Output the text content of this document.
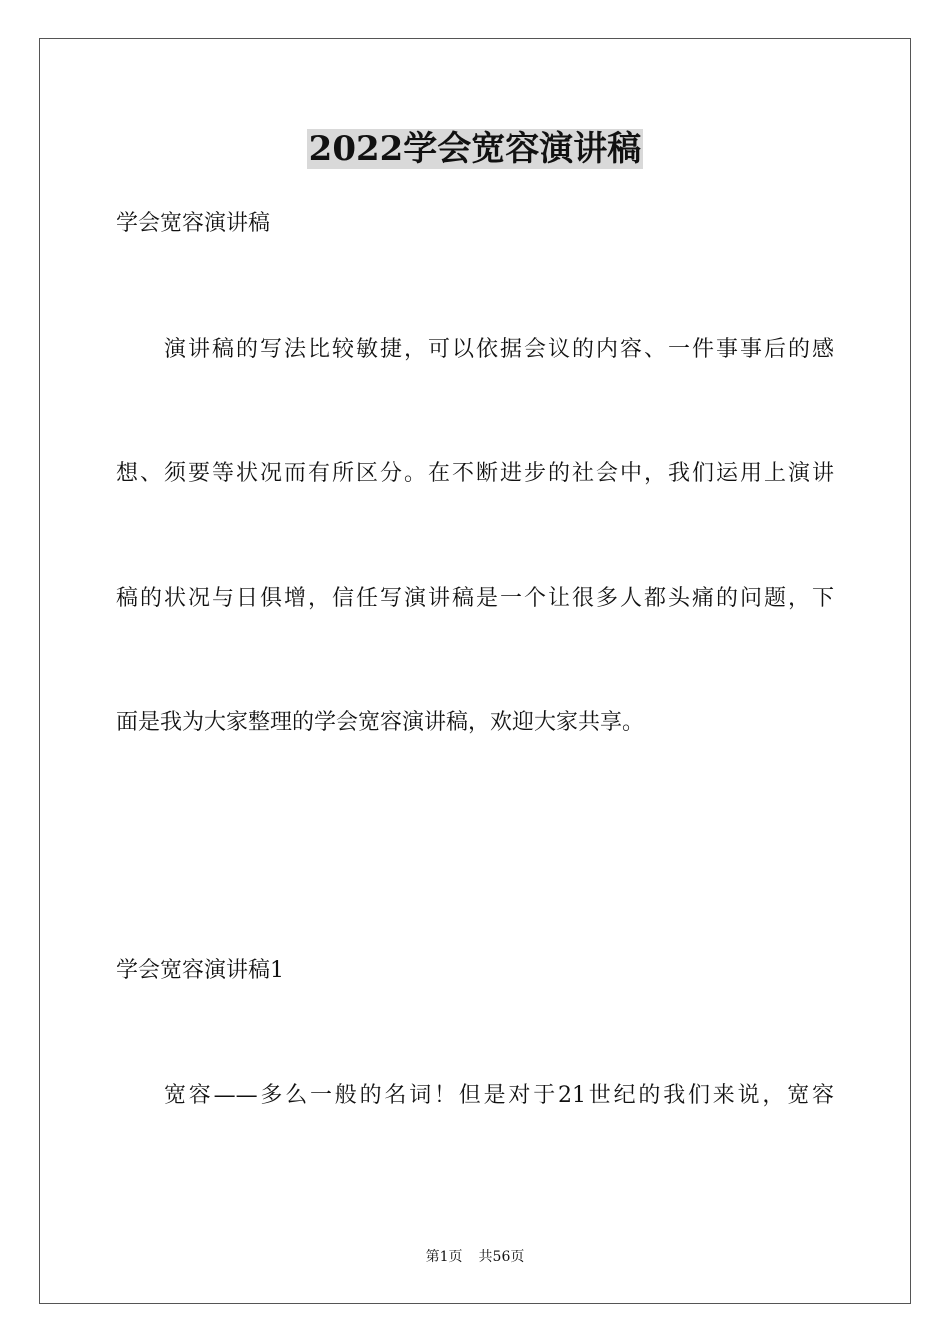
2022学会宽容演讲稿
学会宽容演讲稿
演讲稿的写法比较敏捷，可以依据会议的内容、一件事事后的感
想、须要等状况而有所区分。在不断进步的社会中，我们运用上演讲
稿的状况与日俱增，信任写演讲稿是一个让很多人都头痛的问题，下
面是我为大家整理的学会宽容演讲稿，欢迎大家共享。
学会宽容演讲稿1
宽容——多么一般的名词！但是对于21世纪的我们来说，宽容
第1页 共56页
